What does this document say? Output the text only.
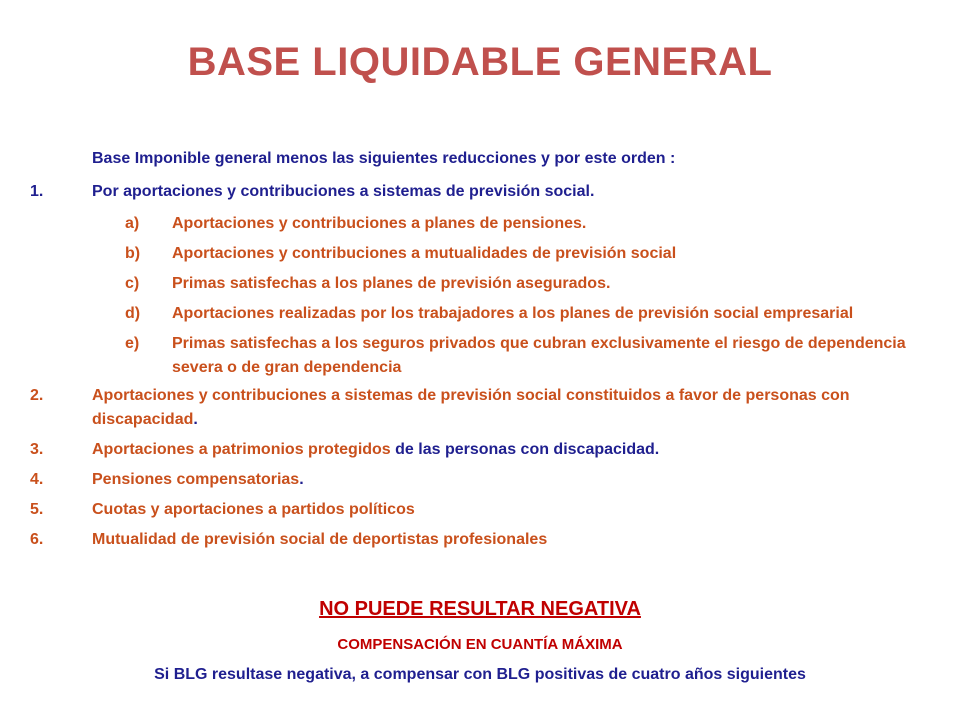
BASE LIQUIDABLE GENERAL
Base Imponible general menos las siguientes reducciones y por este orden :
1.	Por aportaciones y contribuciones a sistemas de previsión social.
a) Aportaciones y contribuciones a planes de pensiones.
b) Aportaciones y contribuciones a mutualidades de previsión social
c) Primas satisfechas a los planes de previsión asegurados.
d) Aportaciones realizadas por los trabajadores a los planes de previsión social empresarial
e) Primas satisfechas a los seguros privados que cubran exclusivamente el riesgo de dependencia severa o de gran dependencia
2.	Aportaciones y contribuciones a sistemas de previsión social constituidos a favor de personas con discapacidad.
3.	Aportaciones a patrimonios protegidos de las personas con discapacidad.
4.	Pensiones compensatorias.
5.	Cuotas y aportaciones a partidos políticos
6.	Mutualidad de previsión social de deportistas profesionales
NO PUEDE RESULTAR NEGATIVA
COMPENSACIÓN EN CUANTÍA MÁXIMA
Si BLG resultase negativa, a compensar con BLG positivas de cuatro años siguientes
